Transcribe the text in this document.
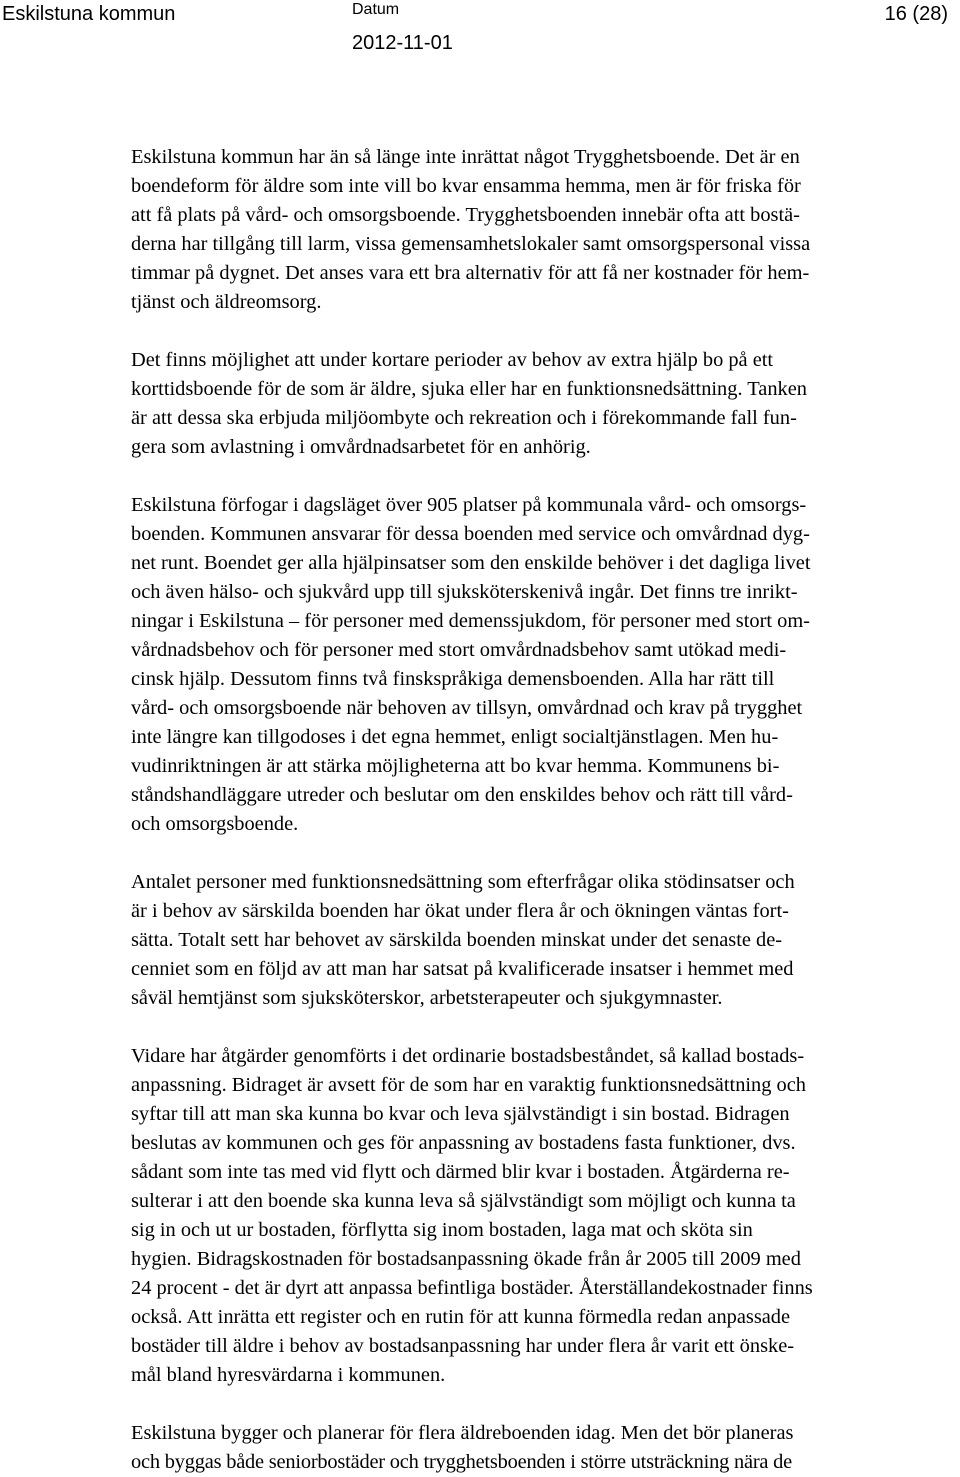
Eskilstuna kommun	Datum
2012-11-01
16 (28)

Eskilstuna kommun har än så länge inte inrättat något Trygghetsboende. Det är en
boendeform för äldre som inte vill bo kvar ensamma hemma, men är för friska för
att få plats på vård- och omsorgsboende. Trygghetsboenden innebär ofta att bostä-
derna har tillgång till larm, vissa gemensamhetslokaler samt omsorgspersonal vissa
timmar på dygnet. Det anses vara ett bra alternativ för att få ner kostnader för hem-
tjänst och äldreomsorg.

Det finns möjlighet att under kortare perioder av behov av extra hjälp bo på ett
korttidsboende för de som är äldre, sjuka eller har en funktionsnedsättning. Tanken
är att dessa ska erbjuda miljöombyte och rekreation och i förekommande fall fun-
gera som avlastning i omvårdnadsarbetet för en anhörig.

Eskilstuna förfogar i dagsläget över 905 platser på kommunala vård- och omsorgs-
boenden. Kommunen ansvarar för dessa boenden med service och omvårdnad dyg-
net runt. Boendet ger alla hjälpinsatser som den enskilde behöver i det dagliga livet
och även hälso- och sjukvård upp till sjuksköterskenivå ingår. Det finns tre inrikt-
ningar i Eskilstuna – för personer med demenssjukdom, för personer med stort om-
vårdnadsbehov och för personer med stort omvårdnadsbehov samt utökad medi-
cinsk hjälp. Dessutom finns två finskspråkiga demensboenden. Alla har rätt till
vård- och omsorgsboende när behoven av tillsyn, omvårdnad och krav på trygghet
inte längre kan tillgodoses i det egna hemmet, enligt socialtjänstlagen. Men hu-
vudinriktningen är att stärka möjligheterna att bo kvar hemma. Kommunens bi-
ståndshandläggare utreder och beslutar om den enskildes behov och rätt till vård-
och omsorgsboende.

Antalet personer med funktionsnedsättning som efterfrågar olika stödinsatser och
är i behov av särskilda boenden har ökat under flera år och ökningen väntas fort-
sätta. Totalt sett har behovet av särskilda boenden minskat under det senaste de-
cenniet som en följd av att man har satsat på kvalificerade insatser i hemmet med
såväl hemtjänst som sjuksköterskor, arbetsterapeuter och sjukgymnaster.

Vidare har åtgärder genomförts i det ordinarie bostadsbeståndet, så kallad bostads-
anpassning. Bidraget är avsett för de som har en varaktig funktionsnedsättning och
syftar till att man ska kunna bo kvar och leva självständigt i sin bostad. Bidragen
beslutas av kommunen och ges för anpassning av bostadens fasta funktioner, dvs.
sådant som inte tas med vid flytt och därmed blir kvar i bostaden. Åtgärderna re-
sulterar i att den boende ska kunna leva så självständigt som möjligt och kunna ta
sig in och ut ur bostaden, förflytta sig inom bostaden, laga mat och sköta sin
hygien. Bidragskostnaden för bostadsanpassning ökade från år 2005 till 2009 med
24 procent - det är dyrt att anpassa befintliga bostäder. Återställandekostnader finns
också. Att inrätta ett register och en rutin för att kunna förmedla redan anpassade
bostäder till äldre i behov av bostadsanpassning har under flera år varit ett önske-
mål bland hyresvärdarna i kommunen.

Eskilstuna bygger och planerar för flera äldreboenden idag. Men det bör planeras
och byggas både seniorbostäder och trygghetsboenden i större utsträckning nära de
